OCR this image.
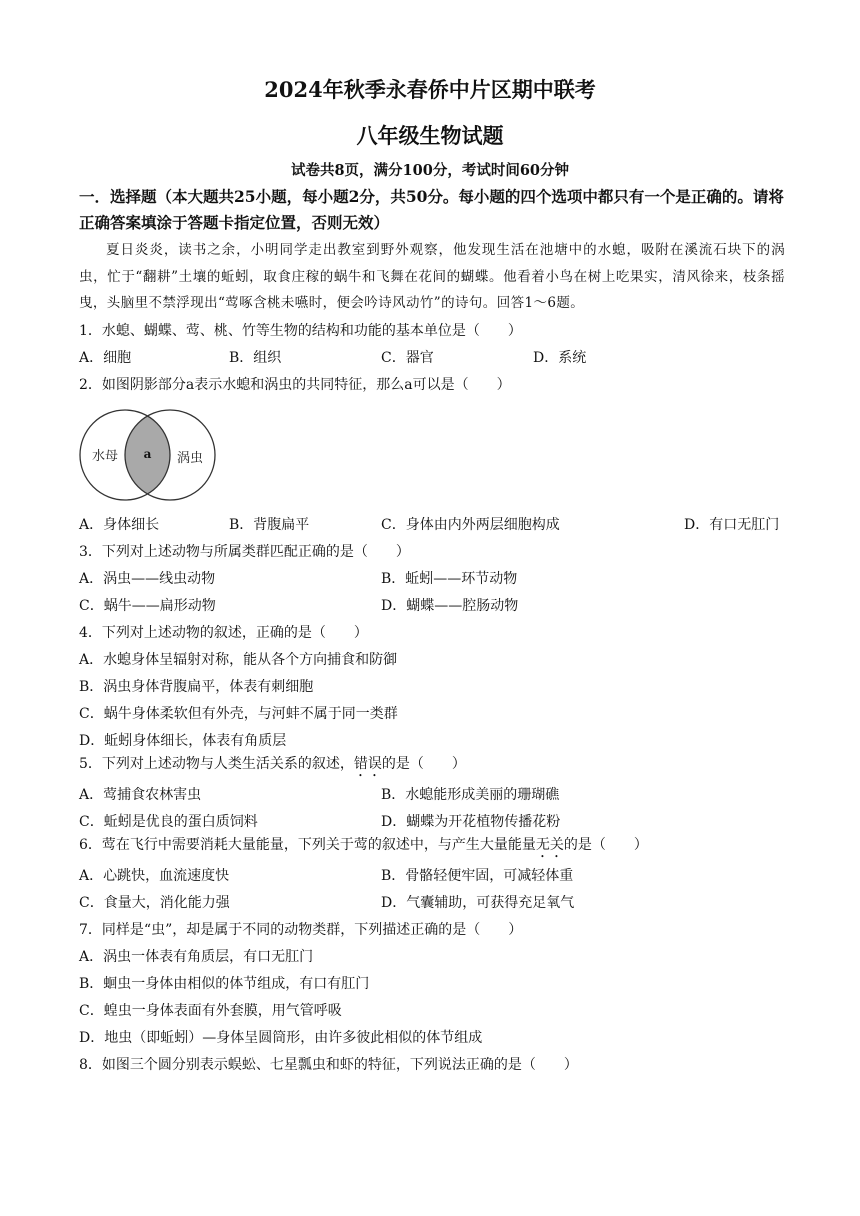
2024年秋季永春侨中片区期中联考
八年级生物试题
试卷共8页，满分100分，考试时间60分钟
一．选择题（本大题共25小题，每小题2分，共50分。每小题的四个选项中都只有一个是正确的。请将正确答案填涂于答题卡指定位置，否则无效）
夏日炎炎，读书之余，小明同学走出教室到野外观察，他发现生活在池塘中的水螅，吸附在溪流石块下的涡虫，忙于“翻耕”土壤的蚯蚓，取食庄稼的蜗牛和飞舞在花间的蝴蝶。他看着小鸟在树上吃果实，清风徐来，枝条摇曳，头脑里不禁浮现出“莺啄含桃未嚥时，便会吟诗风动竹”的诗句。回答1～6题。
1．水螅、蝴蝶、莺、桃、竹等生物的结构和功能的基本单位是（　　）
A．细胞	B．组织	C．器官	D．系统
2．如图阴影部分a表示水螅和涡虫的共同特征，那么a可以是（　　）
水母 a 涡虫
A．身体细长	B．背腹扁平	C．身体由内外两层细胞构成	D．有口无肛门
3．下列对上述动物与所属类群匹配正确的是（　　）
A．涡虫——线虫动物	B．蚯蚓——环节动物
C．蜗牛——扁形动物	D．蝴蝶——腔肠动物
4．下列对上述动物的叙述，正确的是（　　）
A．水螅身体呈辐射对称，能从各个方向捕食和防御
B．涡虫身体背腹扁平，体表有刺细胞
C．蜗牛身体柔软但有外壳，与河蚌不属于同一类群
D．蚯蚓身体细长，体表有角质层
5．下列对上述动物与人类生活关系的叙述，错误的是（　　）
A．莺捕食农林害虫	B．水螅能形成美丽的珊瑚礁
C．蚯蚓是优良的蛋白质饲料	D．蝴蝶为开花植物传播花粉
6．莺在飞行中需要消耗大量能量，下列关于莺的叙述中，与产生大量能量无关的是（　　）
A．心跳快，血流速度快	B．骨骼轻便牢固，可减轻体重
C．食量大，消化能力强	D．气囊辅助，可获得充足氧气
7．同样是“虫”，却是属于不同的动物类群，下列描述正确的是（　　）
A．涡虫一体表有角质层，有口无肛门
B．蛔虫一身体由相似的体节组成，有口有肛门
C．蝗虫一身体表面有外套膜，用气管呼吸
D．地虫（即蚯蚓）—身体呈圆筒形，由许多彼此相似的体节组成
8．如图三个圆分别表示蜈蚣、七星瓢虫和虾的特征，下列说法正确的是（　　）
